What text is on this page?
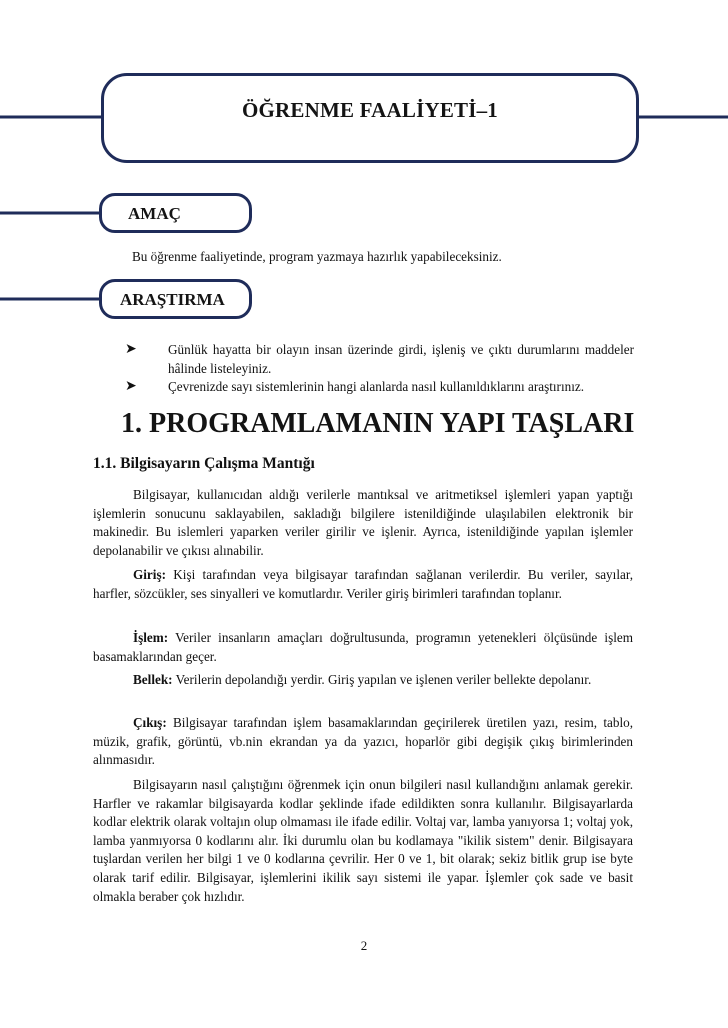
ÖĞRENME FAALİYETİ–1
AMAÇ
Bu öğrenme faaliyetinde, program yazmaya hazırlık yapabileceksiniz.
ARAŞTIRMA
➤ Günlük hayatta bir olayın insan üzerinde girdi, işleniş ve çıktı durumlarını maddeler hâlinde listeleyiniz.
➤ Çevrenizde sayı sistemlerinin hangi alanlarda nasıl kullanıldıklarını araştırınız.
1. PROGRAMLAMANIN YAPI TAŞLARI
1.1. Bilgisayarın Çalışma Mantığı

Bilgisayar, kullanıcıdan aldığı verilerle mantıksal ve aritmetiksel işlemleri yapan yaptığı işlemlerin sonucunu saklayabilen, sakladığı bilgilere istenildiğinde ulaşılabilen elektronik bir makinedir. Bu islemleri yaparken veriler girilir ve işlenir. Ayrıca, istenildiğinde yapılan işlemler depolanabilir ve çıkısı alınabilir.

Giriş: Kişi tarafından veya bilgisayar tarafından sağlanan verilerdir. Bu veriler, sayılar, harfler, sözcükler, ses sinyalleri ve komutlardır. Veriler giriş birimleri tarafından toplanır.

İşlem: Veriler insanların amaçları doğrultusunda, programın yetenekleri ölçüsünde işlem basamaklarından geçer.

Bellek: Verilerin depolandığı yerdir. Giriş yapılan ve işlenen veriler bellekte depolanır.

Çıkış: Bilgisayar tarafından işlem basamaklarından geçirilerek üretilen yazı, resim, tablo, müzik, grafik, görüntü, vb.nin ekrandan ya da yazıcı, hoparlör gibi degişik çıkış birimlerinden alınmasıdır.

Bilgisayarın nasıl çalıştığını öğrenmek için onun bilgileri nasıl kullandığını anlamak gerekir. Harfler ve rakamlar bilgisayarda kodlar şeklinde ifade edildikten sonra kullanılır. Bilgisayarlarda kodlar elektrik olarak voltajın olup olmaması ile ifade edilir. Voltaj var, lamba yanıyorsa 1; voltaj yok, lamba yanmıyorsa 0 kodlarını alır. İki durumlu olan bu kodlamaya "ikilik sistem" denir. Bilgisayara tuşlardan verilen her bilgi 1 ve 0 kodlarına çevrilir. Her 0 ve 1, bit olarak; sekiz bitlik grup ise byte olarak tarif edilir. Bilgisayar, işlemlerini ikilik sayı sistemi ile yapar. İşlemler çok sade ve basit olmakla beraber çok hızlıdır.

2
